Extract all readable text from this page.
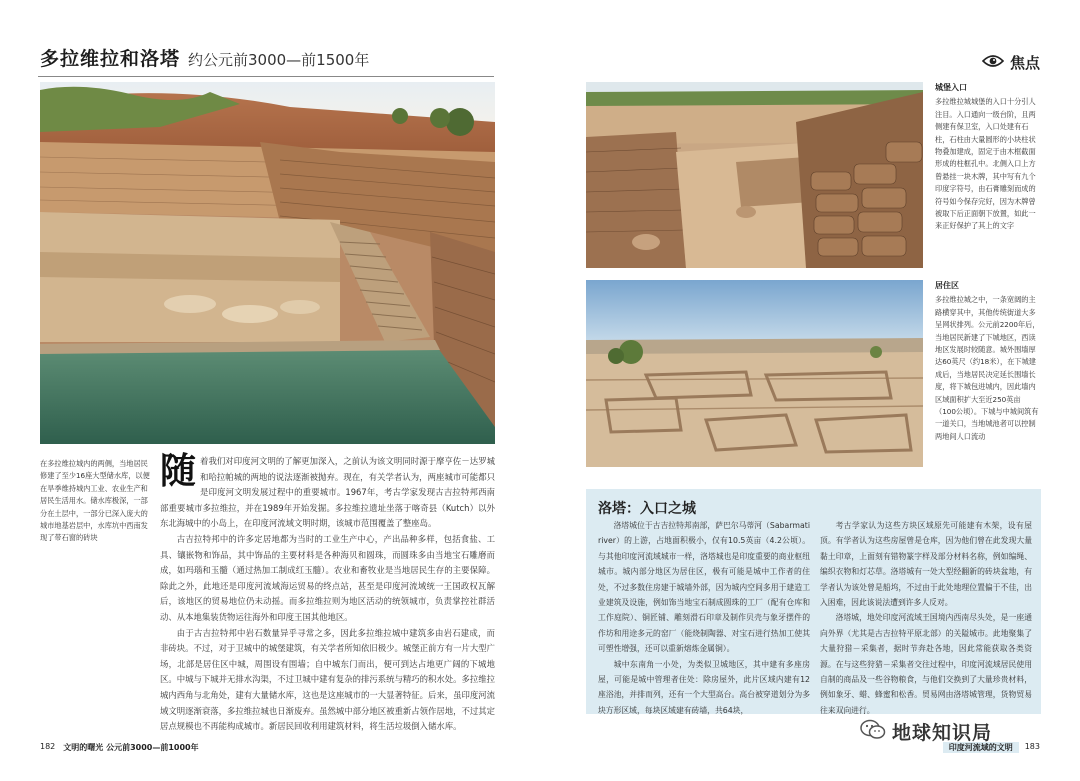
多拉维拉和洛塔 约公元前3000—前1500年	焦点
在多拉维拉城内的两侧，当地居民修建了至少16座大型储水库，以便在旱季维持城内工业、农业生产和居民生活用水。储水库极深，一部分在土层中，一部分已深入庞大的城市地基岩层中，水库坑中西南发现了带石窗的砖块

随着我们对印度河文明的了解更加深入，之前认为该文明同时源于摩亨佐－达罗城和哈拉帕城的两地的说法逐渐被抛弃。现在，有关学者认为，两座城市可能都只是印度河文明发展过程中的重要城市。1967年，考古学家发现古吉拉特邦西南部重要城市多拉维拉，并在1989年开始发掘。多拉维拉遗址坐落于喀奇县（Kutch）以外东北海城中的小岛上，在印度河流域文明时期，该城市范围覆盖了整座岛。

古吉拉特邦中的许多定居地都为当时的工业生产中心，产出品种多样，包括食盐、工具、镶嵌物和饰品，其中饰品的主要材料是各种海贝和圆珠，而圆珠多由当地宝石雕磨而成，如玛瑙和玉髓（通过热加工制成红玉髓）。农业和畜牧业是当地居民生存的主要保障。除此之外，此地还是印度河流域海运贸易的终点站，甚至是印度河流域统一王国政权瓦解后，该地区的贸易地位仍未动摇。而多拉维拉则为地区活动的统领城市，负责掌控社群活动、从本地集装货物运往海外和印度王国其他地区。

由于古吉拉特邦中岩石数量异乎寻常之多，因此多拉维拉城中建筑多由岩石建成，而非砖块。不过，对于卫城中的城堡建筑，有关学者所知依旧极少。城堡正前方有一片大型广场，北部是居住区中城，周围设有围墙；自中城东门而出，便可到达占地更广阔的下城地区。中城与下城并无排水沟渠，不过卫城中建有复杂的排污系统与精巧的积水处。多拉维拉城内西角与北角处，建有大量储水库，这也是这座城市的一大显著特征。后来，虽印度河流域文明逐渐衰落，多拉维拉城也日渐废弃。虽然城中部分地区被重新占领作居地，不过其定居点规模也不再能构成城市。新居民回收利用建筑材料，将生活垃圾倒入储水库。

城堡入口
多拉维拉城城堡的入口十分引人注目。入口通向一级台阶，且两侧建有保卫室，入口处建有石柱，石柱由大量圆形的小块柱状物叠加建成，固定于由木框截面形成的柱框孔中。北侧入口上方曾悬挂一块木牌，其中写有九个印度字符号，由石膏雕刻而成的符号如今保存完好，因为木牌曾被取下后正面朝下放置，如此一来正好保护了其上的文字
居住区
多拉维拉城之中，一条宽阔的主路横穿其中，其他传统街道大多呈网状排列。公元前2200年后，当地居民新建了下城地区，西读地区发展时较随意。城外围墙厚达60英尺（约18米），在下城建成后，当地居民决定延长围墙长度，将下城包进城内，因此墙内区域面积扩大至近250英亩（100公顷）。下城与中城间筑有一道关口，当地城池者可以控制两地间人口流动
洛塔：入口之城

洛塔城位于古吉拉特邦南部，萨巴尔马蒂河（Sabarmati river）的上游，占地面积极小，仅有10.5英亩（4.2公顷）。与其他印度河流域城市一样，洛塔城也是印度重要的商业枢纽城市。城内部分地区为居住区，极有可能是城中工作者的住处，不过多数住房建于城墙外部，因为城内空间多用于建造工业建筑及设施，例如饰当地宝石制成圆珠的工厂（配有仓库和工作庭院）、铜匠铺、雕刻滑石印章及制作贝壳与象牙摆件的作坊和用途多元的窑厂（能烧制陶器、对宝石进行热加工使其可塑性增强，还可以重新熔炼金属铜）。

城中东南角一小处，为类似卫城地区，其中建有多座房屋，可能是城中管理者住处：除房屋外，此片区域内建有12座浴池，并排而列，还有一个大型高台。高台被穿道划分为多块方形区域，每块区域建有砖墙，共64块，

考古学家认为这些方块区域原先可能建有木架，设有屋顶。有学者认为这些房屋曾是仓库，因为他们曾在此发现大量黏土印章，上面刻有错物篆字样及部分材料名称，例如编绳、编织衣物和灯芯草。洛塔城有一处大型经翻新的砖块盆地，有学者认为该处曾是船坞，不过由于此处地理位置偏于不佳，出入困难，因此该说法遭到许多人反对。

洛塔城，地处印度河流域王国境内西南尽头处，是一座通向外界（尤其是古吉拉特平原北部）的关隘城市。此地聚集了大量狩猎－采集者，据时节奔赴各地，因此常能获取各类资源。在与这些狩猎－采集者交往过程中，印度河流域居民使用自制的商品及一些谷物粮食，与他们交换到了大量珍贵材料，例如象牙、蜡、蜂蜜和松香。贸易网由洛塔城管理，货物贸易往来双向进行。

182 文明的曙光 公元前3000—前1000年	印度河流域的文明	183
地球知识局
